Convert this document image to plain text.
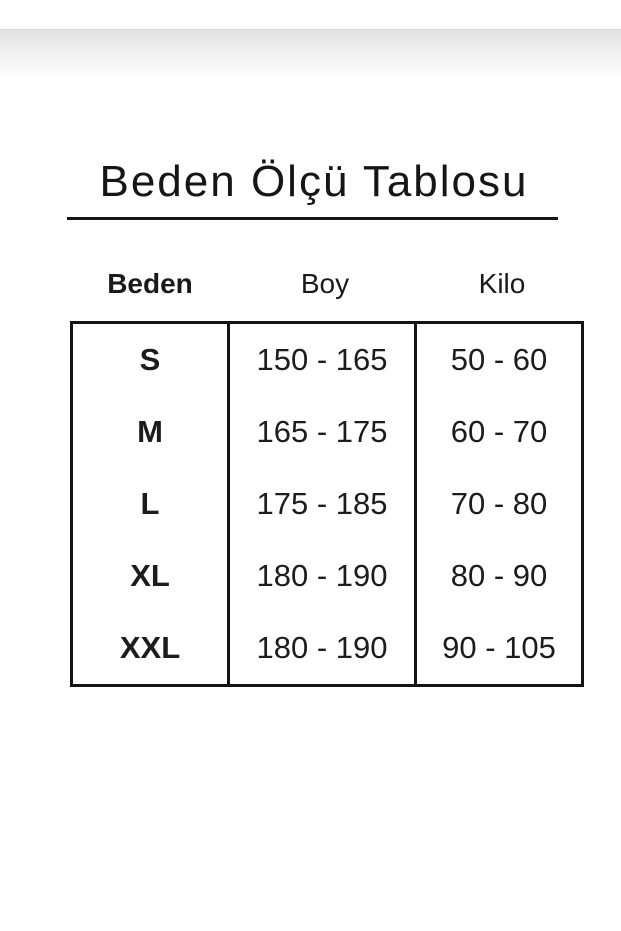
Beden Ölçü Tablosu
Beden	Boy	Kilo
S	150 - 165	50 - 60
M	165 - 175	60 - 70
L	175 - 185	70 - 80
XL	180 - 190	80 - 90
XXL	180 - 190	90 - 105
